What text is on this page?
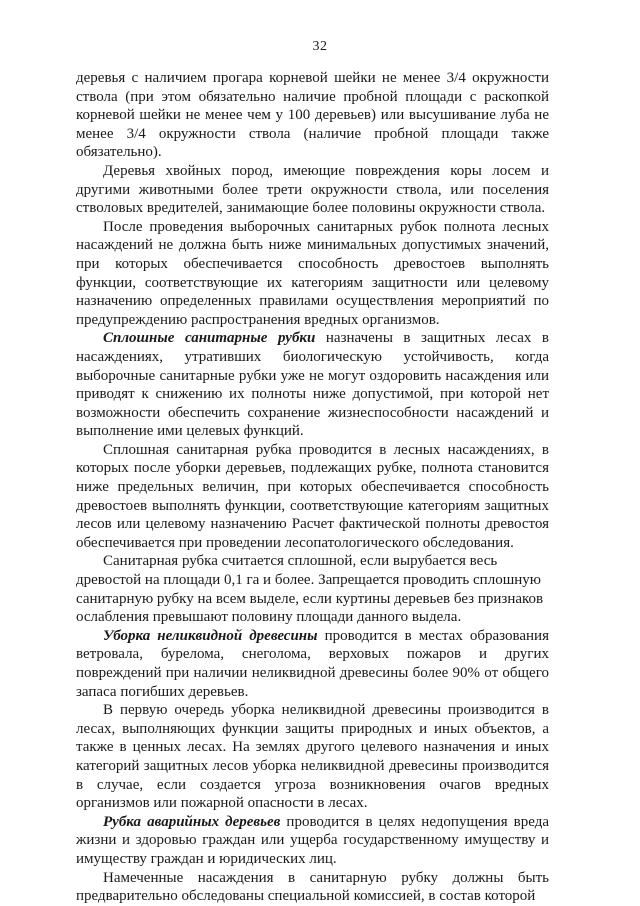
32

деревья с наличием прогара корневой шейки не менее 3/4 окружности ствола (при этом обязательно наличие пробной площади с раскопкой корневой шейки не менее чем у 100 деревьев) или высушивание луба не менее 3/4 окружности ствола (наличие пробной площади также обязательно).

Деревья хвойных пород, имеющие повреждения коры лосем и другими животными более трети окружности ствола, или поселения стволовых вредителей, занимающие более половины окружности ствола.

После проведения выборочных санитарных рубок полнота лесных насаждений не должна быть ниже минимальных допустимых значений, при которых обеспечивается способность древостоев выполнять функции, соответствующие их категориям защитности или целевому назначению определенных правилами осуществления мероприятий по предупреждению распространения вредных организмов.

Сплошные санитарные рубки назначены в защитных лесах в насаждениях, утративших биологическую устойчивость, когда выборочные санитарные рубки уже не могут оздоровить насаждения или приводят к снижению их полноты ниже допустимой, при которой нет возможности обеспечить сохранение жизнеспособности насаждений и выполнение ими целевых функций.

Сплошная санитарная рубка проводится в лесных насаждениях, в которых после уборки деревьев, подлежащих рубке, полнота становится ниже предельных величин, при которых обеспечивается способность древостоев выполнять функции, соответствующие категориям защитных лесов или целевому назначению Расчет фактической полноты древостоя обеспечивается при проведении лесопатологического обследования.

Санитарная рубка считается сплошной, если вырубается весь древостой на площади 0,1 га и более. Запрещается проводить сплошную санитарную рубку на всем выделе, если куртины деревьев без признаков ослабления превышают половину площади данного выдела.

Уборка неликвидной древесины проводится в местах образования ветровала, бурелома, снеголома, верховых пожаров и других повреждений при наличии неликвидной древесины более 90% от общего запаса погибших деревьев.

В первую очередь уборка неликвидной древесины производится в лесах, выполняющих функции защиты природных и иных объектов, а также в ценных лесах. На землях другого целевого назначения и иных категорий защитных лесов уборка неликвидной древесины производится в случае, если создается угроза возникновения очагов вредных организмов или пожарной опасности в лесах.

Рубка аварийных деревьев проводится в целях недопущения вреда жизни и здоровью граждан или ущерба государственному имуществу и имуществу граждан и юридических лиц.

Намеченные насаждения в санитарную рубку должны быть предварительно обследованы специальной комиссией, в состав которой
